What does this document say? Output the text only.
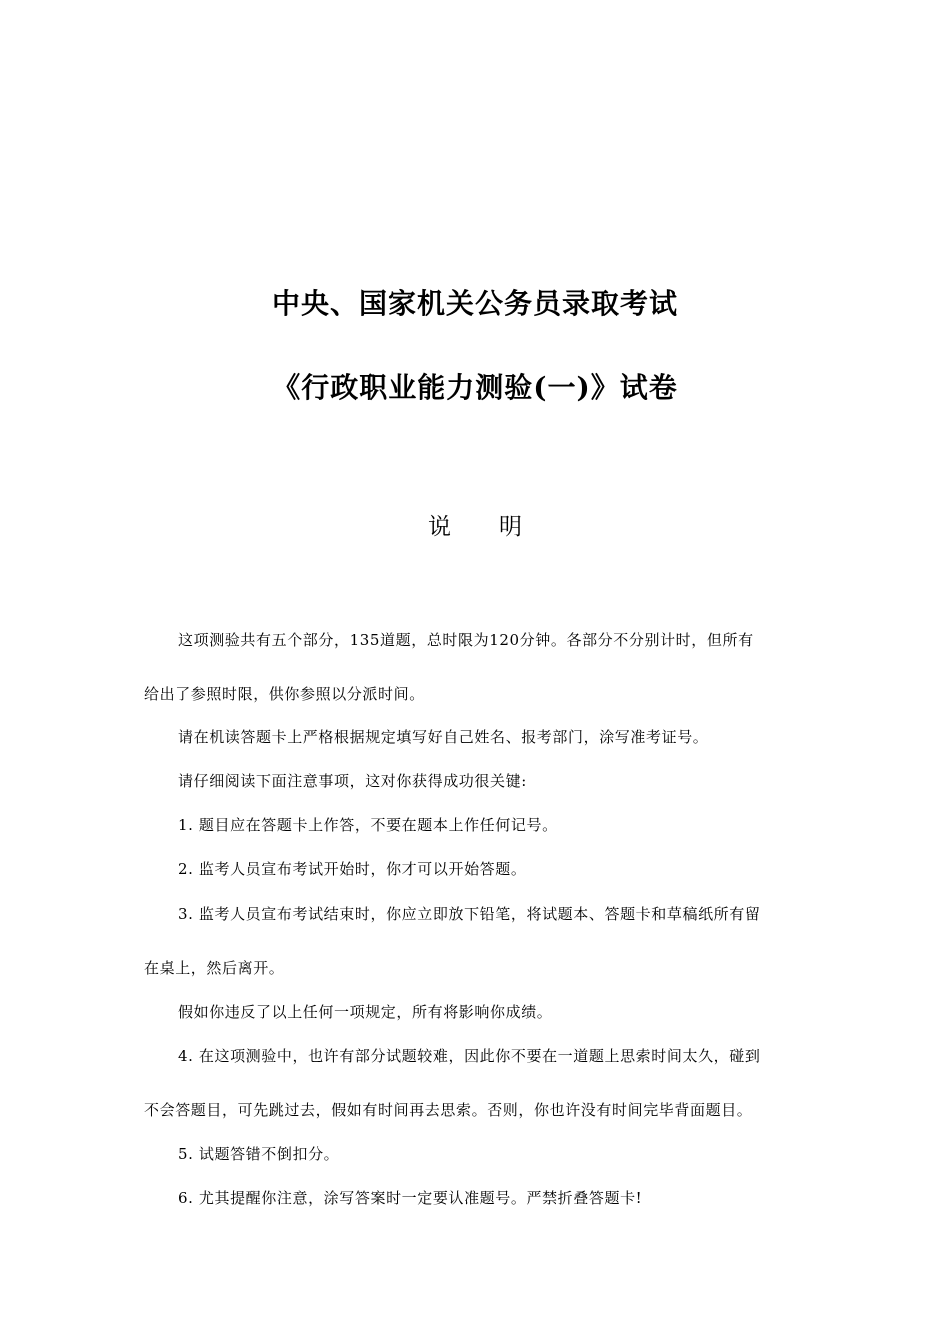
中央、国家机关公务员录取考试
《行政职业能力测验(一)》试卷
说明
这项测验共有五个部分，135道题，总时限为120分钟。各部分不分别计时，但所有
给出了参照时限，供你参照以分派时间。
请在机读答题卡上严格根据规定填写好自己姓名、报考部门，涂写准考证号。
请仔细阅读下面注意事项，这对你获得成功很关键:
1. 题目应在答题卡上作答，不要在题本上作任何记号。
2. 监考人员宣布考试开始时，你才可以开始答题。
3. 监考人员宣布考试结束时，你应立即放下铅笔，将试题本、答题卡和草稿纸所有留
在桌上，然后离开。
假如你违反了以上任何一项规定，所有将影响你成绩。
4. 在这项测验中，也许有部分试题较难，因此你不要在一道题上思索时间太久，碰到
不会答题目，可先跳过去，假如有时间再去思索。否则，你也许没有时间完毕背面题目。
5. 试题答错不倒扣分。
6. 尤其提醒你注意，涂写答案时一定要认准题号。严禁折叠答题卡!
